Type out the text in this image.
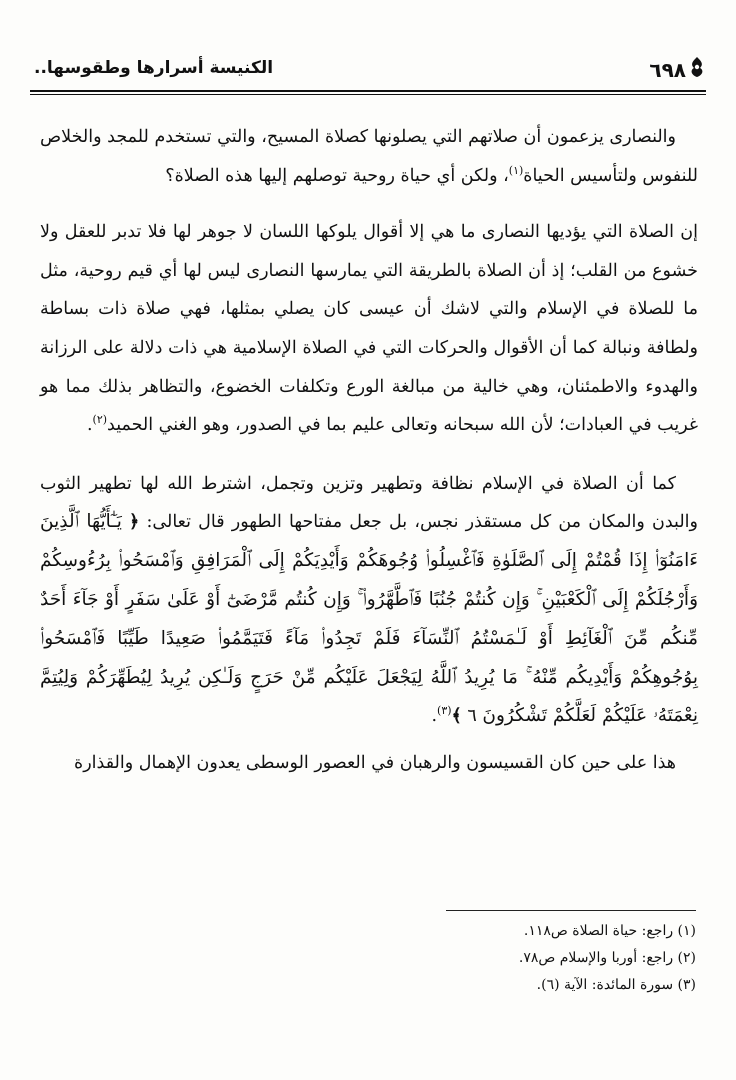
٦٩٨
الكنيسة أسرارها وطقوسها..

والنصارى يزعمون أن صلاتهم التي يصلونها كصلاة المسيح، والتي تستخدم للمجد والخلاص للنفوس ولتأسيس الحياة$^{(١)}$، ولكن أي حياة روحية توصلهم إليها هذه الصلاة؟

إن الصلاة التي يؤديها النصارى ما هي إلا أقوال يلوكها اللسان لا جوهر لها فلا تدبر للعقل ولا خشوع من القلب؛ إذ أن الصلاة بالطريقة التي يمارسها النصارى ليس لها أي قيم روحية، مثل ما للصلاة في الإسلام والتي لاشك أن عيسى كان يصلي بمثلها، فهي صلاة ذات بساطة ولطافة ونبالة كما أن الأقوال والحركات التي في الصلاة الإسلامية هي ذات دلالة على الرزانة والهدوء والاطمئنان، وهي خالية من مبالغة الورع وتكلفات الخضوع، والتظاهر بذلك مما هو غريب في العبادات؛ لأن الله سبحانه وتعالى عليم بما في الصدور، وهو الغني الحميد$^{(٢)}$.

كما أن الصلاة في الإسلام نظافة وتطهير وتزين وتجمل، اشترط الله لها تطهير الثوب والبدن والمكان من كل مستقذر نجس، بل جعل مفتاحها الطهور قال تعالى: ﴿ يَـٰٓأَيُّهَا ٱلَّذِينَ ءَامَنُوٓا۟ إِذَا قُمْتُمْ إِلَى ٱلصَّلَوٰةِ فَٱغْسِلُوا۟ وُجُوهَكُمْ وَأَيْدِيَكُمْ إِلَى ٱلْمَرَافِقِ وَٱمْسَحُوا۟ بِرُءُوسِكُمْ وَأَرْجُلَكُمْ إِلَى ٱلْكَعْبَيْنِ ۚ وَإِن كُنتُمْ جُنُبًا فَٱطَّهَّرُوا۟ ۚ وَإِن كُنتُم مَّرْضَىٰٓ أَوْ عَلَىٰ سَفَرٍ أَوْ جَآءَ أَحَدٌ مِّنكُم مِّنَ ٱلْغَآئِطِ أَوْ لَـٰمَسْتُمُ ٱلنِّسَآءَ فَلَمْ تَجِدُوا۟ مَآءً فَتَيَمَّمُوا۟ صَعِيدًا طَيِّبًا فَٱمْسَحُوا۟ بِوُجُوهِكُمْ وَأَيْدِيكُم مِّنْهُ ۚ مَا يُرِيدُ ٱللَّهُ لِيَجْعَلَ عَلَيْكُم مِّنْ حَرَجٍ وَلَـٰكِن يُرِيدُ لِيُطَهِّرَكُمْ وَلِيُتِمَّ نِعْمَتَهُۥ عَلَيْكُمْ لَعَلَّكُمْ تَشْكُرُونَ ٦ ﴾$^{(٣)}$.

هذا على حين كان القسيسون والرهبان في العصور الوسطى يعدون الإهمال والقذارة

(١) راجع: حياة الصلاة ص١١٨.
(٢) راجع: أوربا والإسلام ص٧٨.
(٣) سورة المائدة: الآية (٦).
